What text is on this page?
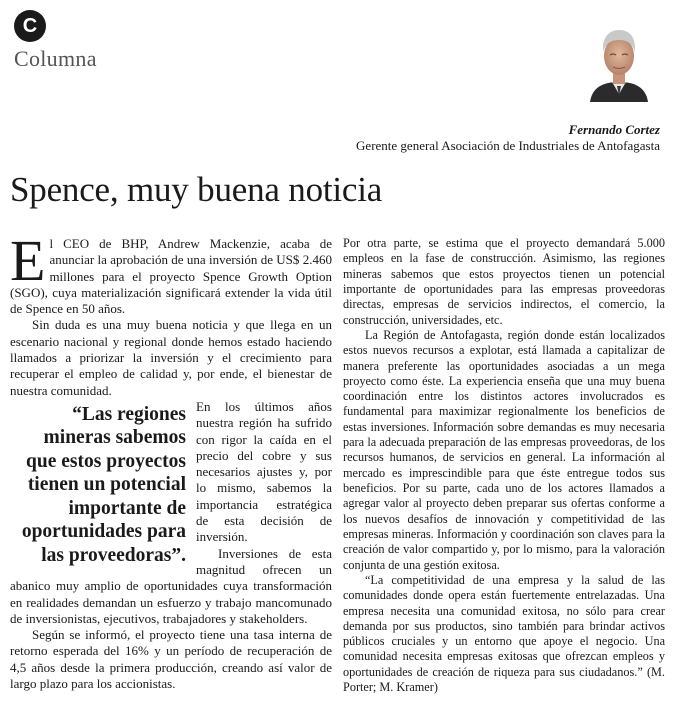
C
Columna
Fernando Cortez
Gerente general Asociación de Industriales de Antofagasta
Spence, muy buena noticia

El CEO de BHP, Andrew Mackenzie, acaba de anunciar la aprobación de una inversión de US$ 2.460 millones para el proyecto Spence Growth Option (SGO), cuya materialización significará extender la vida útil de Spence en 50 años.

Sin duda es una muy buena noticia y que llega en un escenario nacional y regional donde hemos estado haciendo llamados a priorizar la inversión y el crecimiento para recuperar el empleo de calidad y, por ende, el bienestar de nuestra comunidad.

“Las regiones mineras sabemos que estos proyectos tienen un potencial importante de oportunidades para las proveedoras”.

En los últimos años nuestra región ha sufrido con rigor la caída en el precio del cobre y sus necesarios ajustes y, por lo mismo, sabemos la importancia estratégica de esta decisión de inversión.

Inversiones de esta magnitud ofrecen un abanico muy amplio de oportunidades cuya transformación en realidades demandan un esfuerzo y trabajo mancomunado de inversionistas, ejecutivos, trabajadores y stakeholders.

Según se informó, el proyecto tiene una tasa interna de retorno esperada del 16% y un período de recuperación de 4,5 años desde la primera producción, creando así valor de largo plazo para los accionistas.

Por otra parte, se estima que el proyecto demandará 5.000 empleos en la fase de construcción. Asimismo, las regiones mineras sabemos que estos proyectos tienen un potencial importante de oportunidades para las empresas proveedoras directas, empresas de servicios indirectos, el comercio, la construcción, universidades, etc.

La Región de Antofagasta, región donde están localizados estos nuevos recursos a explotar, está llamada a capitalizar de manera preferente las oportunidades asociadas a un mega proyecto como éste. La experiencia enseña que una muy buena coordinación entre los distintos actores involucrados es fundamental para maximizar regionalmente los beneficios de estas inversiones. Información sobre demandas es muy necesaria para la adecuada preparación de las empresas proveedoras, de los recursos humanos, de servicios en general. La información al mercado es imprescindible para que éste entregue todos sus beneficios. Por su parte, cada uno de los actores llamados a agregar valor al proyecto deben preparar sus ofertas conforme a los nuevos desafíos de innovación y competitividad de las empresas mineras. Información y coordinación son claves para la creación de valor compartido y, por lo mismo, para la valoración conjunta de una gestión exitosa.

“La competitividad de una empresa y la salud de las comunidades donde opera están fuertemente entrelazadas. Una empresa necesita una comunidad exitosa, no sólo para crear demanda por sus productos, sino también para brindar activos públicos cruciales y un entorno que apoye el negocio. Una comunidad necesita empresas exitosas que ofrezcan empleos y oportunidades de creación de riqueza para sus ciudadanos.” (M. Porter; M. Kramer)
